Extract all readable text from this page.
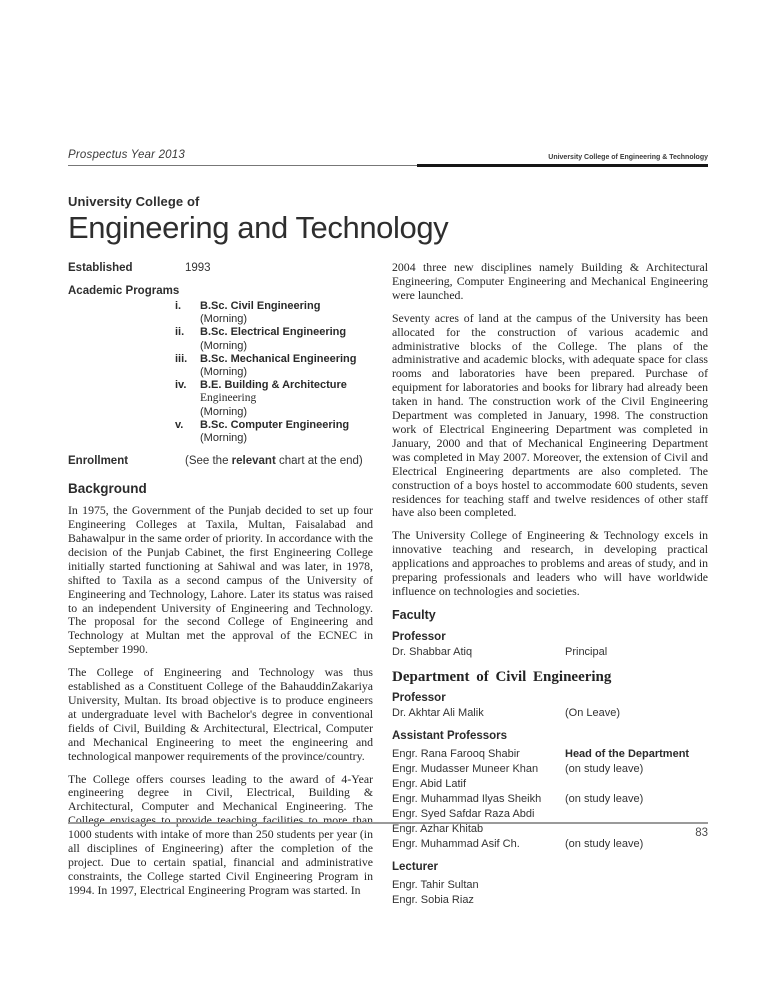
Prospectus Year 2013	University College of Engineering & Technology
University College of
Engineering and Technology
Established	1993
Academic Programs
i.	B.Sc. Civil Engineering
(Morning)
ii.	B.Sc. Electrical Engineering
(Morning)
iii.	B.Sc. Mechanical Engineering
(Morning)
iv.	B.E. Building & Architecture
Engineering
(Morning)
v.	B.Sc. Computer Engineering
(Morning)
Enrollment	(See the relevant chart at the end)
Background

In 1975, the Government of the Punjab decided to set up four Engineering Colleges at Taxila, Multan, Faisalabad and Bahawalpur in the same order of priority. In accordance with the decision of the Punjab Cabinet, the first Engineering College initially started functioning at Sahiwal and was later, in 1978, shifted to Taxila as a second campus of the University of Engineering and Technology, Lahore. Later its status was raised to an independent University of Engineering and Technology. The proposal for the second College of Engineering and Technology at Multan met the approval of the ECNEC in September 1990.

The College of Engineering and Technology was thus established as a Constituent College of the BahauddinZakariya University, Multan. Its broad objective is to produce engineers at undergraduate level with Bachelor's degree in conventional fields of Civil, Building & Architectural, Electrical, Computer and Mechanical Engineering to meet the engineering and technological manpower requirements of the province/country.

The College offers courses leading to the award of 4-Year engineering degree in Civil, Electrical, Building & Architectural, Computer and Mechanical Engineering. The College envisages to provide teaching facilities to more than 1000 students with intake of more than 250 students per year (in all disciplines of Engineering) after the completion of the project. Due to certain spatial, financial and administrative constraints, the College started Civil Engineering Program in 1994. In 1997, Electrical Engineering Program was started. In

2004 three new disciplines namely Building & Architectural Engineering, Computer Engineering and Mechanical Engineering were launched.

Seventy acres of land at the campus of the University has been allocated for the construction of various academic and administrative blocks of the College. The plans of the administrative and academic blocks, with adequate space for class rooms and laboratories have been prepared. Purchase of equipment for laboratories and books for library had already been taken in hand. The construction work of the Civil Engineering Department was completed in January, 1998. The construction work of Electrical Engineering Department was completed in January, 2000 and that of Mechanical Engineering Department was completed in May 2007. Moreover, the extension of Civil and Electrical Engineering departments are also completed. The construction of a boys hostel to accommodate 600 students, seven residences for teaching staff and twelve residences of other staff have also been completed.

The University College of Engineering & Technology excels in innovative teaching and research, in developing practical applications and approaches to problems and areas of study, and in preparing professionals and leaders who will have worldwide influence on technologies and societies.

Faculty
Professor
Dr. Shabbar Atiq	Principal
Department of Civil Engineering
Professor
Dr. Akhtar Ali Malik	(On Leave)
Assistant Professors
Engr. Rana Farooq Shabir	Head of the Department
Engr. Mudasser Muneer Khan	(on study leave)
Engr. Abid Latif
Engr. Muhammad Ilyas Sheikh	(on study leave)
Engr. Syed Safdar Raza Abdi
Engr. Azhar Khitab
Engr. Muhammad Asif Ch.	(on study leave)
Lecturer
Engr. Tahir Sultan
Engr. Sobia Riaz
83
